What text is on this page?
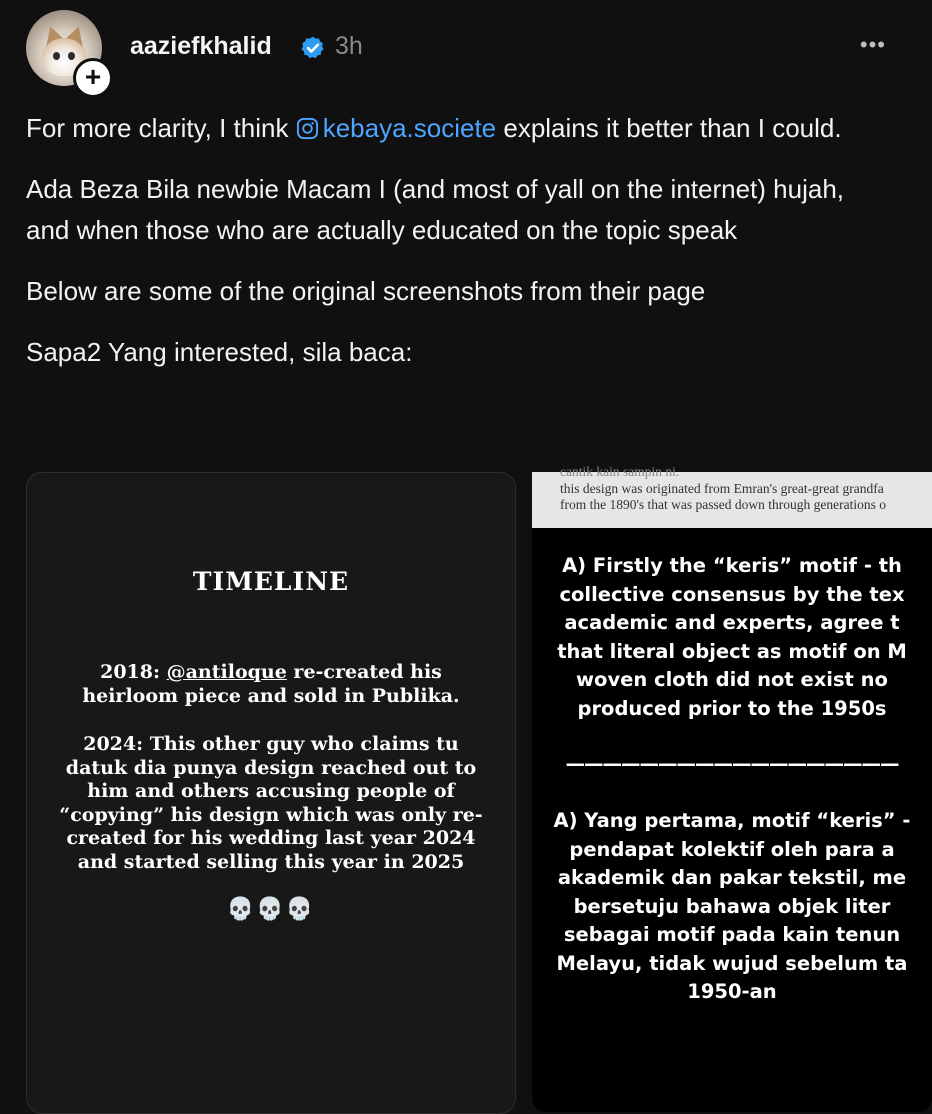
+
aaziefkhalid	3h	•••

For more clarity, I think kebaya.societe explains it better than I could.

Ada Beza Bila newbie Macam I (and most of yall on the internet) hujah, and when those who are actually educated on the topic speak

Below are some of the original screenshots from their page

Sapa2 Yang interested, sila baca:

TIMELINE
2018: @antiloque re-created his heirloom piece and sold in Publika.
2024: This other guy who claims tu datuk dia punya design reached out to him and others accusing people of “copying” his design which was only re-created for his wedding last year 2024 and started selling this year in 2025
💀💀💀
cantik kain sampin ni.
this design was originated from Emran's great-great grandfa
from the 1890's that was passed down through generations o
A) Firstly the “keris” motif - th
collective consensus by the tex
academic and experts, agree t
that literal object as motif on M
woven cloth did not exist no
produced prior to the 1950s
——————————————————
A) Yang pertama, motif “keris” -
pendapat kolektif oleh para a
akademik dan pakar tekstil, me
bersetuju bahawa objek liter
sebagai motif pada kain tenun
Melayu, tidak wujud sebelum ta
1950-an
